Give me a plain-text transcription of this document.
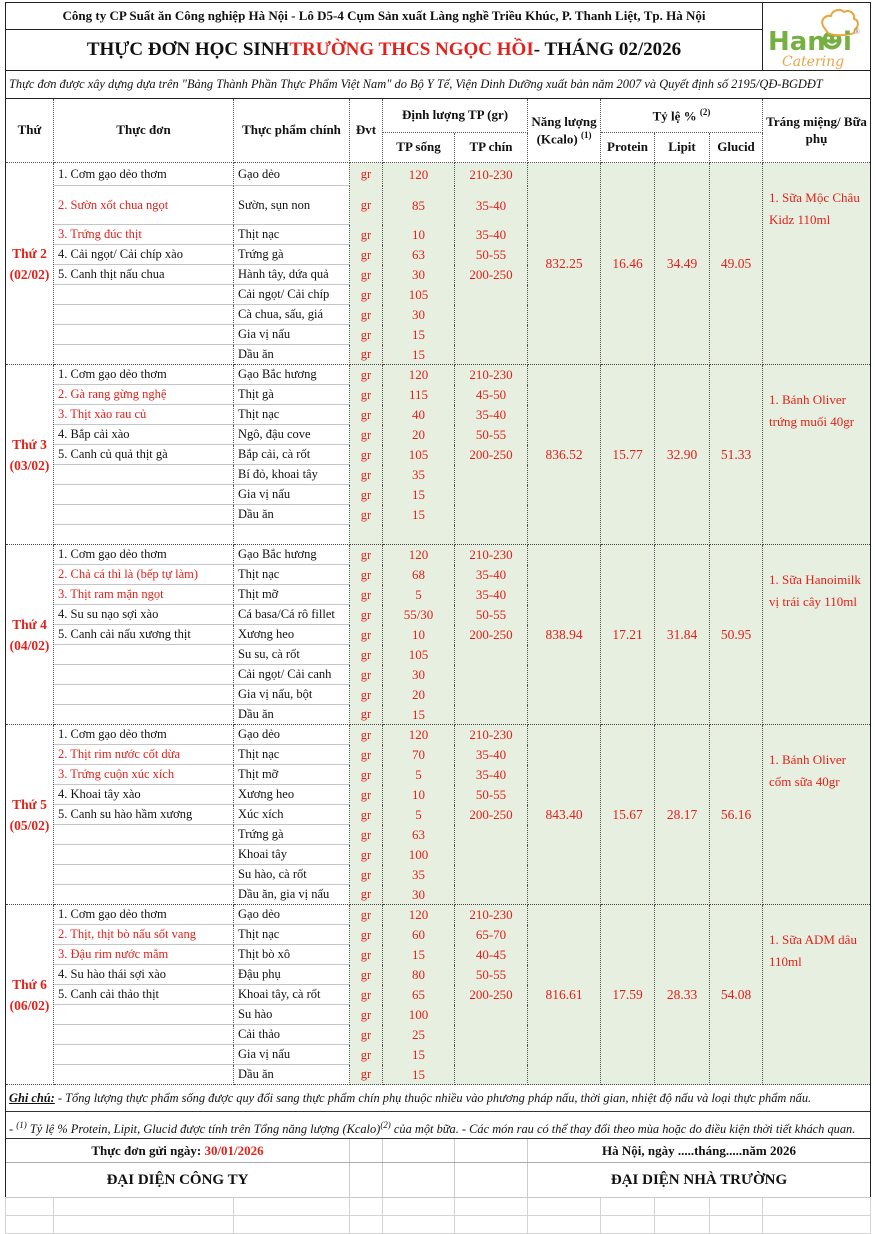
Công ty CP Suất ăn Công nghiệp Hà Nội - Lô D5-4 Cụm Sản xuất Làng nghề Triều Khúc, P. Thanh Liệt, Tp. Hà Nội
THỰC ĐƠN HỌC SINH TRƯỜNG THCS NGỌC HỒI - THÁNG 02/2026	Han i ®
Catering
Thực đơn được xây dựng dựa trên "Bảng Thành Phần Thực Phẩm Việt Nam" do Bộ Y Tế, Viện Dinh Dưỡng xuất bản năm 2007 và Quyết định số 2195/QĐ-BGDĐT
Thứ	Thực đơn	Thực phẩm chính	Đvt	Định lượng TP (gr)		Năng lượng (Kcalo) $^{(1)}$	Tỷ lệ % $^{(2)}$			Tráng miệng/ Bữa phụ
				TP sống	TP chín		Protein	Lipit	Glucid	

Thứ 2
(02/02)	1. Cơm gạo dẻo thơm	Gạo dẻo	gr	120	210-230	832.25	16.46	34.49	49.05	1. Sữa Mộc Châu Kidz 110ml
	2. Sườn xốt chua ngọt	Sườn, sụn non	gr	85	35-40					
	3. Trứng đúc thịt	Thịt nạc	gr	10	35-40					
	4. Cải ngọt/ Cải chíp xào	Trứng gà	gr	63	50-55					
	5. Canh thịt nấu chua	Hành tây, dứa quả	gr	30	200-250					
		Cải ngọt/ Cải chíp	gr	105						
		Cà chua, sấu, giá	gr	30						
		Gia vị nấu	gr	15						
		Dầu ăn	gr	15						

Thứ 3
(03/02)	1. Cơm gạo dẻo thơm	Gạo Bắc hương	gr	120	210-230	836.52	15.77	32.90	51.33	1. Bánh Oliver trứng muối 40gr
	2. Gà rang gừng nghệ	Thịt gà	gr	115	45-50					
	3. Thịt xào rau củ	Thịt nạc	gr	40	35-40					
	4. Bắp cải xào	Ngô, đậu cove	gr	20	50-55					
	5. Canh củ quả thịt gà	Bắp cải, cà rốt	gr	105	200-250					
		Bí đỏ, khoai tây	gr	35						
		Gia vị nấu	gr	15						
		Dầu ăn	gr	15						

Thứ 4
(04/02)	1. Cơm gạo dẻo thơm	Gạo Bắc hương	gr	120	210-230	838.94	17.21	31.84	50.95	1. Sữa Hanoimilk vị trái cây 110ml
	2. Chả cá thì là (bếp tự làm)	Thịt nạc	gr	68	35-40					
	3. Thịt ram mặn ngọt	Thịt mỡ	gr	5	35-40					
	4. Su su nạo sợi xào	Cá basa/Cá rô fillet	gr	55/30	50-55					
	5. Canh cải nấu xương thịt	Xương heo	gr	10	200-250					
		Su su, cà rốt	gr	105						
		Cải ngọt/ Cải canh	gr	30						
		Gia vị nấu, bột	gr	20						
		Dầu ăn	gr	15						

Thứ 5
(05/02)	1. Cơm gạo dẻo thơm	Gạo dẻo	gr	120	210-230	843.40	15.67	28.17	56.16	1. Bánh Oliver cốm sữa 40gr
	2. Thịt rim nước cốt dừa	Thịt nạc	gr	70	35-40					
	3. Trứng cuộn xúc xích	Thịt mỡ	gr	5	35-40					
	4. Khoai tây xào	Xương heo	gr	10	50-55					
	5. Canh su hào hầm xương	Xúc xích	gr	5	200-250					
		Trứng gà	gr	63						
		Khoai tây	gr	100						
		Su hào, cà rốt	gr	35						
		Dầu ăn, gia vị nấu	gr	30						

Thứ 6
(06/02)	1. Cơm gạo dẻo thơm	Gạo dẻo	gr	120	210-230	816.61	17.59	28.33	54.08	1. Sữa ADM dâu 110ml
	2. Thịt, thịt bò nấu sốt vang	Thịt nạc	gr	60	65-70					
	3. Đậu rim nước mắm	Thịt bò xô	gr	15	40-45					
	4. Su hào thái sợi xào	Đậu phụ	gr	80	50-55					
	5. Canh cải thảo thịt	Khoai tây, cà rốt	gr	65	200-250					
		Su hào	gr	100						
		Cải thảo	gr	25						
		Gia vị nấu	gr	15						
		Dầu ăn	gr	15						
Ghi chú: - Tổng lượng thực phẩm sống được quy đổi sang thực phẩm chín phụ thuộc nhiều vào phương pháp nấu, thời gian, nhiệt độ nấu và loại thực phẩm nấu.
- $^{(1)}$ Tỷ lệ % Protein, Lipit, Glucid được tính trên Tổng năng lượng (Kcalo)$^{(2)}$ của một bữa. - Các món rau có thể thay đổi theo mùa hoặc do điều kiện thời tiết khách quan.
Thực đơn gửi ngày: 30/01/2026	Hà Nội, ngày .....tháng.....năm 2026
ĐẠI DIỆN CÔNG TY	ĐẠI DIỆN NHÀ TRƯỜNG
